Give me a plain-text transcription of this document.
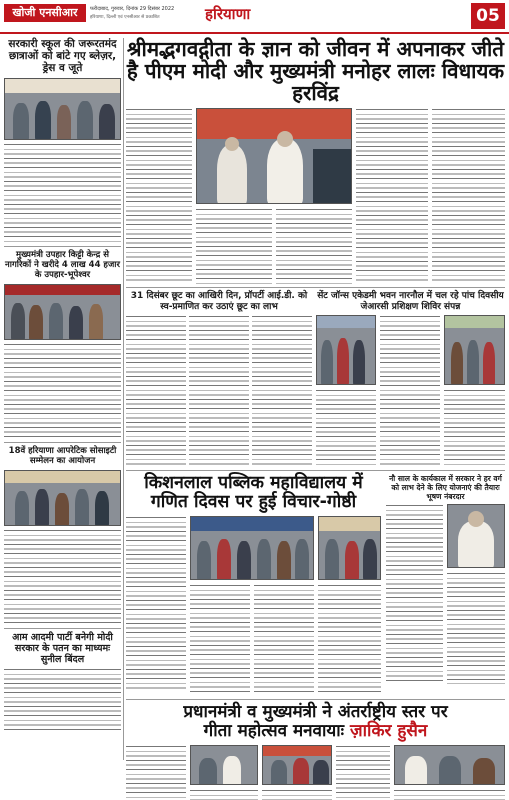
खोजी एनसीआर	फरीदाबाद, गुरुवार, दिनांक 29 दिसंबर 2022
हरियाणा, दिल्ली एवं एनसीआर से प्रकाशित	हरियाणा	05
सरकारी स्कूल की जरूरतमंद छात्राओं को बांटे गए ब्लेज़र, ड्रेस व जूते
मुख्यमंत्री उपहार किट्टी केन्द्र से नागरिकों ने खरीदे 4 लाख 44 हजार के उपहार-भूपेश्वर
18वें हरियाणा आपरेटिक सोसाइटी सम्मेलन का आयोजन
आम आदमी पार्टी बनेगी मोदी सरकार के पतन का माध्यमः सुनील बिंदल
श्रीमद्भगवद्गीता के ज्ञान को जीवन में अपनाकर जीते है पीएम मोदी और मुख्यमंत्री मनोहर लालः विधायक हरविंद्र
31 दिसंबर छूट का आखिरी दिन, प्रॉपर्टी आई.डी. को स्व-प्रमाणित कर उठाएं छूट का लाभ
सेंट जॉन्स एकेडमी भवन नारनौल में चल रहे पांच दिवसीय जेआरसी प्रशिक्षण शिविर संपन्न
किशनलाल पब्लिक महाविद्यालय में गणित दिवस पर हुई विचार-गोष्ठी
नौ साल के कार्यकाल में सरकार ने हर वर्ग को लाभ देने के लिए योजनाएं की तैयारः भूषण नंबरदार
प्रधानमंत्री व मुख्यमंत्री ने अंतर्राष्ट्रीय स्तर पर
गीता महोत्सव मनवायाः ज़ाकिर हुसैन
